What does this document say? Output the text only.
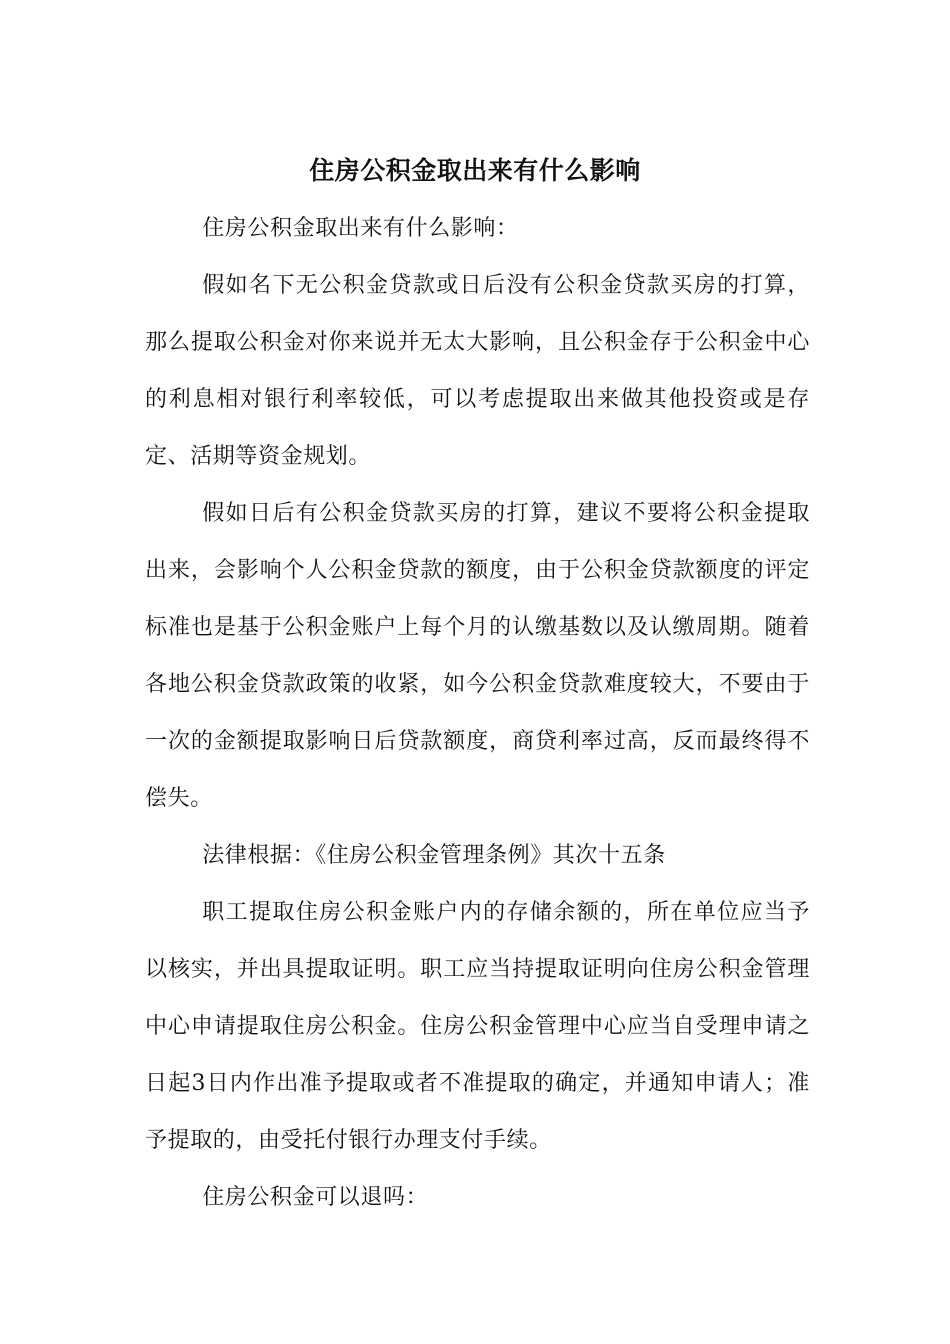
住房公积金取出来有什么影响

住房公积金取出来有什么影响：

假如名下无公积金贷款或日后没有公积金贷款买房的打算，那么提取公积金对你来说并无太大影响，且公积金存于公积金中心的利息相对银行利率较低，可以考虑提取出来做其他投资或是存定、活期等资金规划。

假如日后有公积金贷款买房的打算，建议不要将公积金提取出来，会影响个人公积金贷款的额度，由于公积金贷款额度的评定标准也是基于公积金账户上每个月的认缴基数以及认缴周期。随着各地公积金贷款政策的收紧，如今公积金贷款难度较大，不要由于一次的金额提取影响日后贷款额度，商贷利率过高，反而最终得不偿失。

法律根据：《住房公积金管理条例》其次十五条

职工提取住房公积金账户内的存储余额的，所在单位应当予以核实，并出具提取证明。职工应当持提取证明向住房公积金管理中心申请提取住房公积金。住房公积金管理中心应当自受理申请之日起3日内作出准予提取或者不准提取的确定，并通知申请人；准予提取的，由受托付银行办理支付手续。

住房公积金可以退吗：
